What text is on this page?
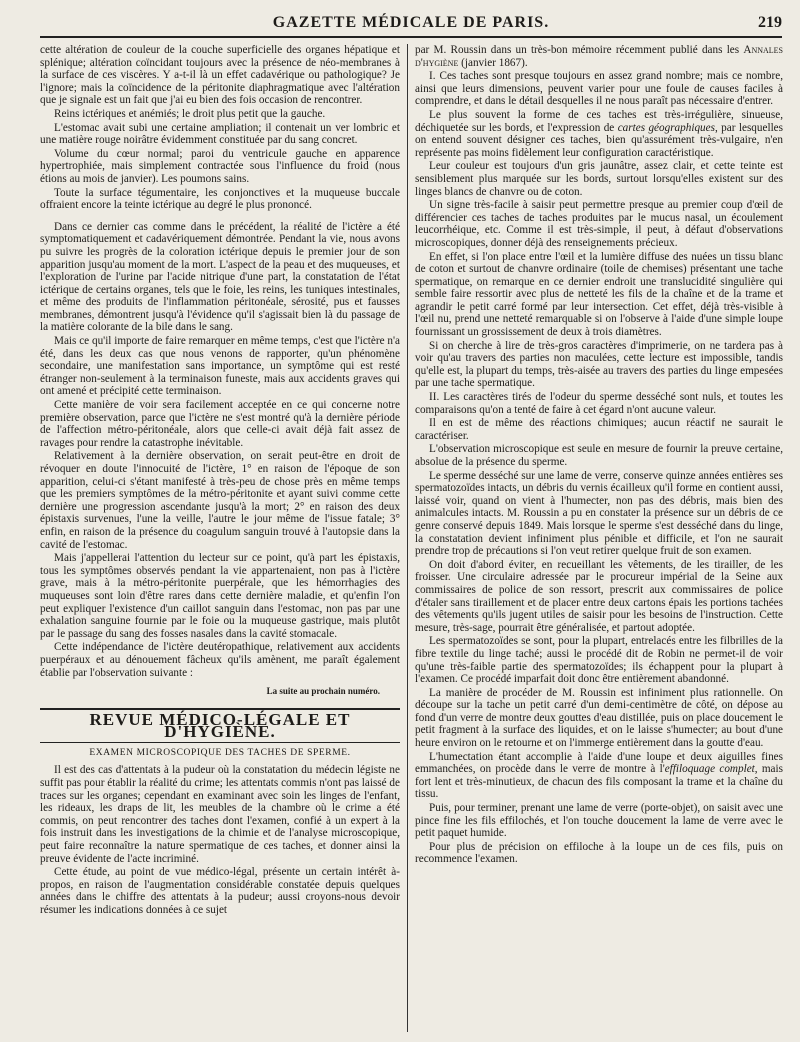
GAZETTE MÉDICALE DE PARIS.	219

cette altération de couleur de la couche superficielle des organes hépatique et splénique; altération coïncidant toujours avec la présence de néo-membranes à la surface de ces viscères. Y a-t-il là un effet cadavérique ou pathologique? Je l'ignore; mais la coïncidence de la péritonite diaphragmatique avec l'altération que je signale est un fait que j'ai eu bien des fois occasion de rencontrer.

Reins ictériques et anémiés; le droit plus petit que la gauche.

L'estomac avait subi une certaine ampliation; il contenait un ver lombric et une matière rouge noirâtre évidemment constituée par du sang concret.

Volume du cœur normal; paroi du ventricule gauche en apparence hypertrophiée, mais simplement contractée sous l'influence du froid (nous étions au mois de janvier). Les poumons sains.

Toute la surface tégumentaire, les conjonctives et la muqueuse buccale offraient encore la teinte ictérique au degré le plus prononcé.

Dans ce dernier cas comme dans le précédent, la réalité de l'ictère a été symptomatiquement et cadavériquement démontrée. Pendant la vie, nous avons pu suivre les progrès de la coloration ictérique depuis le premier jour de son apparition jusqu'au moment de la mort. L'aspect de la peau et des muqueuses, et l'exploration de l'urine par l'acide nitrique d'une part, la constatation de l'état ictérique de certains organes, tels que le foie, les reins, les tuniques intestinales, et même des produits de l'inflammation péritonéale, sérosité, pus et fausses membranes, démontrent jusqu'à l'évidence qu'il s'agissait bien là du passage de la matière colorante de la bile dans le sang.

Mais ce qu'il importe de faire remarquer en même temps, c'est que l'ictère n'a été, dans les deux cas que nous venons de rapporter, qu'un phénomène secondaire, une manifestation sans importance, un symptôme qui est resté étranger non-seulement à la terminaison funeste, mais aux accidents graves qui ont amené et précipité cette terminaison.

Cette manière de voir sera facilement acceptée en ce qui concerne notre première observation, parce que l'ictère ne s'est montré qu'à la dernière période de l'affection métro-péritonéale, alors que celle-ci avait déjà fait assez de ravages pour rendre la catastrophe inévitable.

Relativement à la dernière observation, on serait peut-être en droit de révoquer en doute l'innocuité de l'ictère, 1° en raison de l'époque de son apparition, celui-ci s'étant manifesté à très-peu de chose près en même temps que les premiers symptômes de la métro-péritonite et ayant suivi comme cette dernière une progression ascendante jusqu'à la mort; 2° en raison des deux épistaxis survenues, l'une la veille, l'autre le jour même de l'issue fatale; 3° enfin, en raison de la présence du coagulum sanguin trouvé à l'autopsie dans la cavité de l'estomac.

Mais j'appellerai l'attention du lecteur sur ce point, qu'à part les épistaxis, tous les symptômes observés pendant la vie appartenaient, non pas à l'ictère grave, mais à la métro-péritonite puerpérale, que les hémorrhagies des muqueuses sont loin d'être rares dans cette dernière maladie, et qu'enfin l'on peut expliquer l'existence d'un caillot sanguin dans l'estomac, non pas par une exhalation sanguine fournie par le foie ou la muqueuse gastrique, mais plutôt par le passage du sang des fosses nasales dans la cavité stomacale.

Cette indépendance de l'ictère deutéropathique, relativement aux accidents puerpéraux et au dénouement fâcheux qu'ils amènent, me paraît également établie par l'observation suivante :

La suite au prochain numéro.
REVUE MÉDICO-LÉGALE ET D'HYGIÈNE.
EXAMEN MICROSCOPIQUE DES TACHES DE SPERME.

Il est des cas d'attentats à la pudeur où la constatation du médecin légiste ne suffit pas pour établir la réalité du crime; les attentats commis n'ont pas laissé de traces sur les organes; cependant en examinant avec soin les linges de l'enfant, les rideaux, les draps de lit, les meubles de la chambre où le crime a été commis, on peut rencontrer des taches dont l'examen, confié à un expert à la fois instruit dans les investigations de la chimie et de l'analyse microscopique, peut faire reconnaître la nature spermatique de ces taches, et donner ainsi la preuve évidente de l'acte incriminé.

Cette étude, au point de vue médico-légal, présente un certain intérêt à-propos, en raison de l'augmentation considérable constatée depuis quelques années dans le chiffre des attentats à la pudeur; aussi croyons-nous devoir résumer les indications données à ce sujet

par M. Roussin dans un très-bon mémoire récemment publié dans les Annales d'hygiène (janvier 1867).

I. Ces taches sont presque toujours en assez grand nombre; mais ce nombre, ainsi que leurs dimensions, peuvent varier pour une foule de causes faciles à comprendre, et dans le détail desquelles il ne nous paraît pas nécessaire d'entrer.

Le plus souvent la forme de ces taches est très-irrégulière, sinueuse, déchiquetée sur les bords, et l'expression de cartes géographiques, par lesquelles on entend souvent désigner ces taches, bien qu'assurément très-vulgaire, n'en représente pas moins fidèlement leur configuration caractéristique.

Leur couleur est toujours d'un gris jaunâtre, assez clair, et cette teinte est sensiblement plus marquée sur les bords, surtout lorsqu'elles existent sur des linges blancs de chanvre ou de coton.

Un signe très-facile à saisir peut permettre presque au premier coup d'œil de différencier ces taches de taches produites par le mucus nasal, un écoulement leucorrhéique, etc. Comme il est très-simple, il peut, à défaut d'observations microscopiques, donner déjà des renseignements précieux.

En effet, si l'on place entre l'œil et la lumière diffuse des nuées un tissu blanc de coton et surtout de chanvre ordinaire (toile de chemises) présentant une tache spermatique, on remarque en ce dernier endroit une translucidité singulière qui semble faire ressortir avec plus de netteté les fils de la chaîne et de la trame et agrandir le petit carré formé par leur intersection. Cet effet, déjà très-visible à l'œil nu, prend une netteté remarquable si on l'observe à l'aide d'une simple loupe fournissant un grossissement de deux à trois diamètres.

Si on cherche à lire de très-gros caractères d'imprimerie, on ne tardera pas à voir qu'au travers des parties non maculées, cette lecture est impossible, tandis qu'elle est, la plupart du temps, très-aisée au travers des parties du linge empesées par une tache spermatique.

II. Les caractères tirés de l'odeur du sperme desséché sont nuls, et toutes les comparaisons qu'on a tenté de faire à cet égard n'ont aucune valeur.

Il en est de même des réactions chimiques; aucun réactif ne saurait le caractériser.

L'observation microscopique est seule en mesure de fournir la preuve certaine, absolue de la présence du sperme.

Le sperme desséché sur une lame de verre, conserve quinze années entières ses spermatozoïdes intacts, un débris du vernis écailleux qu'il forme en contient aussi, laissé voir, quand on vient à l'humecter, non pas des débris, mais bien des animalcules intacts. M. Roussin a pu en constater la présence sur un débris de ce genre conservé depuis 1849. Mais lorsque le sperme s'est desséché dans du linge, la constatation devient infiniment plus pénible et difficile, et l'on ne saurait prendre trop de précautions si l'on veut retirer quelque fruit de son examen.

On doit d'abord éviter, en recueillant les vêtements, de les tirailler, de les froisser. Une circulaire adressée par le procureur impérial de la Seine aux commissaires de police de son ressort, prescrit aux commissaires de police d'étaler sans tiraillement et de placer entre deux cartons épais les portions tachées des vêtements qu'ils jugent utiles de saisir pour les besoins de l'instruction. Cette mesure, très-sage, pourrait être généralisée, et partout adoptée.

Les spermatozoïdes se sont, pour la plupart, entrelacés entre les filbrilles de la fibre textile du linge taché; aussi le procédé dit de Robin ne permet-il de voir qu'une très-faible partie des spermatozoïdes; ils échappent pour la plupart à l'examen. Ce procédé imparfait doit donc être entièrement abandonné.

La manière de procéder de M. Roussin est infiniment plus rationnelle. On découpe sur la tache un petit carré d'un demi-centimètre de côté, on dépose au fond d'un verre de montre deux gouttes d'eau distillée, puis on place doucement le petit fragment à la surface des liquides, et on le laisse s'humecter; au bout d'une heure environ on le retourne et on l'immerge entièrement dans la goutte d'eau.

L'humectation étant accomplie à l'aide d'une loupe et deux aiguilles fines emmanchées, on procède dans le verre de montre à l'effiloquage complet, mais fort lent et très-minutieux, de chacun des fils composant la trame et la chaîne du tissu.

Puis, pour terminer, prenant une lame de verre (porte-objet), on saisit avec une pince fine les fils effilochés, et l'on touche doucement la lame de verre avec le petit paquet humide.

Pour plus de précision on effiloche à la loupe un de ces fils, puis on recommence l'examen.
